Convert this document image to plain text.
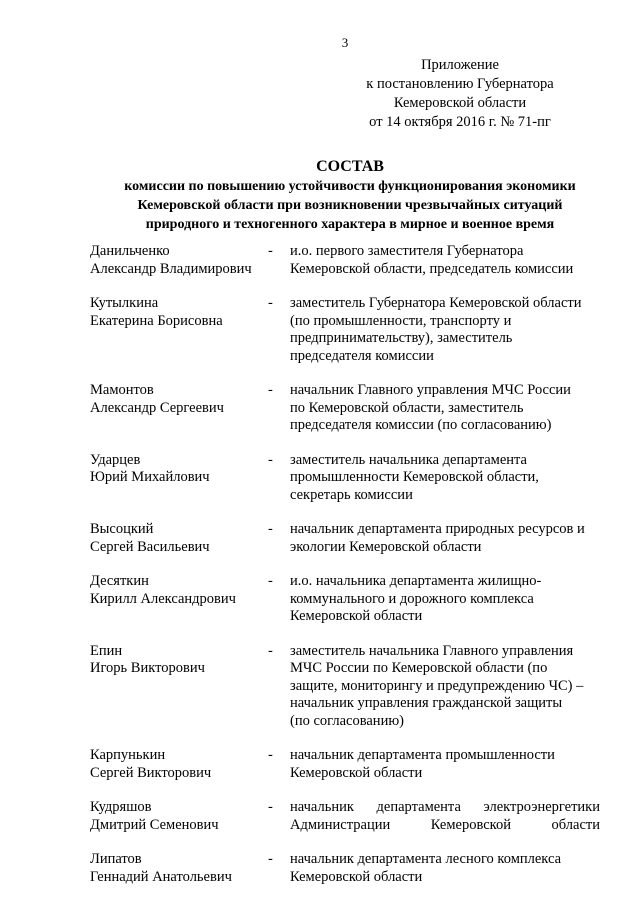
3
Приложение
к постановлению Губернатора
Кемеровской области
от 14 октября 2016 г. № 71-пг
СОСТАВ
комиссии по повышению устойчивости функционирования экономики
Кемеровской области при возникновении чрезвычайных ситуаций
природного и техногенного характера в мирное и военное время
Данильченко
Александр Владимирович
- и.о. первого заместителя Губернатора
Кемеровской области, председатель комиссии
Кутылкина
Екатерина Борисовна
- заместитель Губернатора Кемеровской области
(по промышленности, транспорту и
предпринимательству), заместитель
председателя комиссии
Мамонтов
Александр Сергеевич
- начальник Главного управления МЧС России
по Кемеровской области, заместитель
председателя комиссии (по согласованию)
Ударцев
Юрий Михайлович
- заместитель начальника департамента
промышленности Кемеровской области,
секретарь комиссии
Высоцкий
Сергей Васильевич
- начальник департамента природных ресурсов и
экологии Кемеровской области
Десяткин
Кирилл Александрович
- и.о. начальника департамента жилищно-
коммунального и дорожного комплекса
Кемеровской области
Епин
Игорь Викторович
- заместитель начальника Главного управления
МЧС России по Кемеровской области (по
защите, мониторингу и предупреждению ЧС) –
начальник управления гражданской защиты
(по согласованию)
Карпунькин
Сергей Викторович
- начальник департамента промышленности
Кемеровской области
Кудряшов
Дмитрий Семенович
- начальник департамента электроэнергетики
Администрации Кемеровской области
Липатов
Геннадий Анатольевич
- начальник департамента лесного комплекса
Кемеровской области
